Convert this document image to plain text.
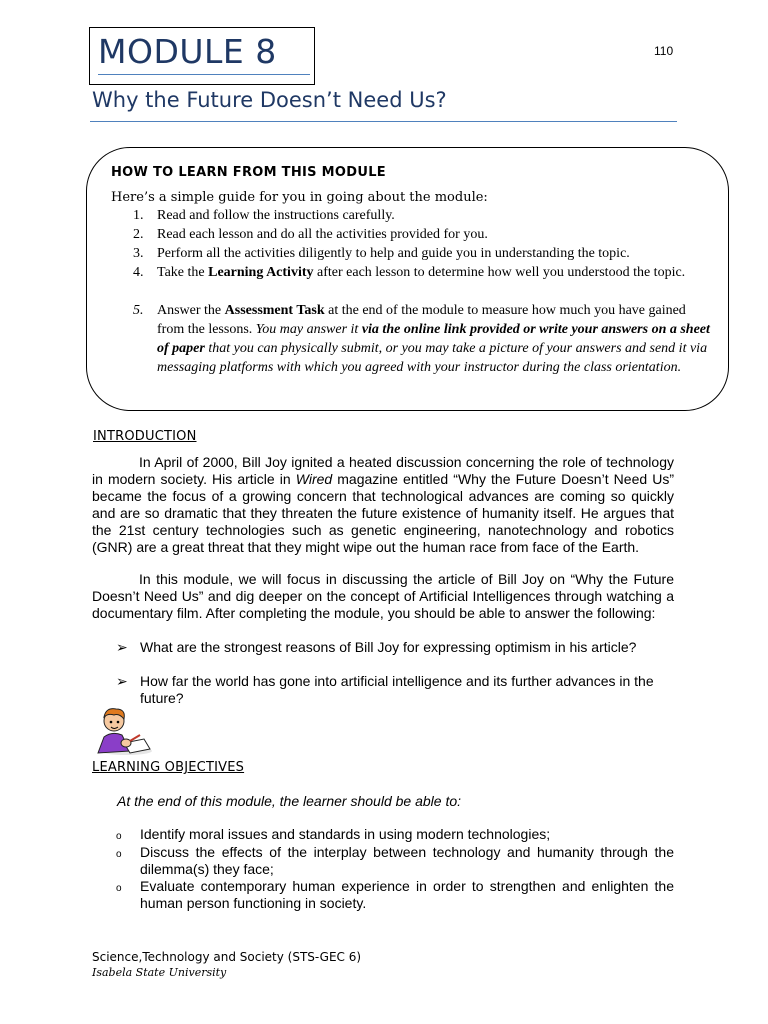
MODULE 8	110
Why the Future Doesn’t Need Us?
HOW TO LEARN FROM THIS MODULE
Here’s a simple guide for you in going about the module:
1. Read and follow the instructions carefully.
2. Read each lesson and do all the activities provided for you.
3. Perform all the activities diligently to help and guide you in understanding the topic.
4. Take the Learning Activity after each lesson to determine how well you understood the topic.
5. Answer the Assessment Task at the end of the module to measure how much you have gained from the lessons. You may answer it via the online link provided or write your answers on a sheet of paper that you can physically submit, or you may take a picture of your answers and send it via messaging platforms with which you agreed with your instructor during the class orientation.
INTRODUCTION
In April of 2000, Bill Joy ignited a heated discussion concerning the role of technology in modern society. His article in Wired magazine entitled “Why the Future Doesn’t Need Us” became the focus of a growing concern that technological advances are coming so quickly and are so dramatic that they threaten the future existence of humanity itself. He argues that the 21st century technologies such as genetic engineering, nanotechnology and robotics (GNR) are a great threat that they might wipe out the human race from face of the Earth.
In this module, we will focus in discussing the article of Bill Joy on “Why the Future Doesn’t Need Us” and dig deeper on the concept of Artificial Intelligences through watching a documentary film. After completing the module, you should be able to answer the following:
➢ What are the strongest reasons of Bill Joy for expressing optimism in his article?
➢ How far the world has gone into artificial intelligence and its further advances in the future?
LEARNING OBJECTIVES
At the end of this module, the learner should be able to:
o Identify moral issues and standards in using modern technologies;
o Discuss the effects of the interplay between technology and humanity through the dilemma(s) they face;
o Evaluate contemporary human experience in order to strengthen and enlighten the human person functioning in society.
Science,Technology and Society (STS-GEC 6)
Isabela State University
